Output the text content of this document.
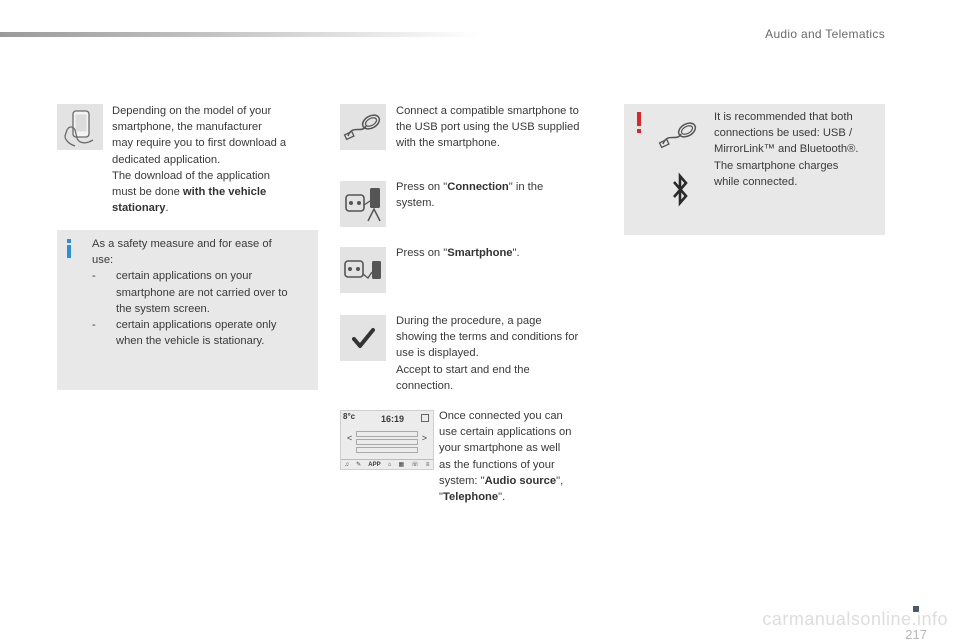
Audio and Telematics
Depending on the model of your
smartphone, the manufacturer
may require you to first download a
dedicated application.
The download of the application
must be done with the vehicle
stationary.
As a safety measure and for ease of
use:
- certain applications on your
smartphone are not carried over to
the system screen.
- certain applications operate only
when the vehicle is stationary.
Connect a compatible smartphone to
the USB port using the USB supplied
with the smartphone.
Press on "Connection" in the
system.
Press on "Smartphone".
During the procedure, a page
showing the terms and conditions for
use is displayed.
Accept to start and end the
connection.
8°c	16:19
<	>
♫ ✎ APP ⌂ ▦ ☏ ≡
Once connected you can
use certain applications on
your smartphone as well
as the functions of your
system: "Audio source",
"Telephone".
It is recommended that both
connections be used: USB /
MirrorLink™ and Bluetooth®.
The smartphone charges
while connected.
217
carmanualsonline.info
